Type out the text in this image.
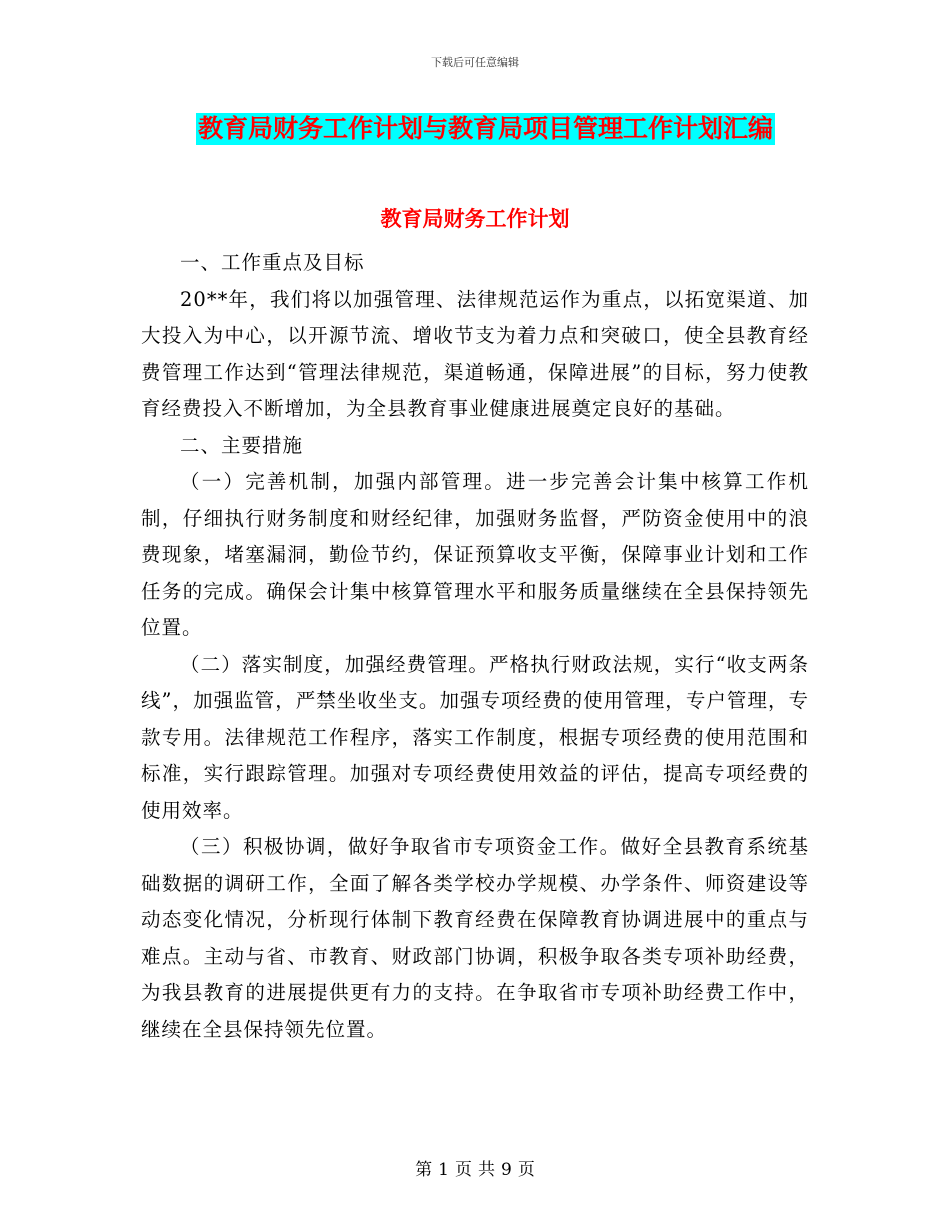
下载后可任意编辑
教育局财务工作计划与教育局项目管理工作计划汇编
教育局财务工作计划

一、工作重点及目标

20**年，我们将以加强管理、法律规范运作为重点，以拓宽渠道、加大投入为中心，以开源节流、增收节支为着力点和突破口，使全县教育经费管理工作达到“管理法律规范，渠道畅通，保障进展”的目标，努力使教育经费投入不断增加，为全县教育事业健康进展奠定良好的基础。

二、主要措施

（一）完善机制，加强内部管理。进一步完善会计集中核算工作机制，仔细执行财务制度和财经纪律，加强财务监督，严防资金使用中的浪费现象，堵塞漏洞，勤俭节约，保证预算收支平衡，保障事业计划和工作任务的完成。确保会计集中核算管理水平和服务质量继续在全县保持领先位置。

（二）落实制度，加强经费管理。严格执行财政法规，实行“收支两条线”，加强监管，严禁坐收坐支。加强专项经费的使用管理，专户管理，专款专用。法律规范工作程序，落实工作制度，根据专项经费的使用范围和标准，实行跟踪管理。加强对专项经费使用效益的评估，提高专项经费的使用效率。

（三）积极协调，做好争取省市专项资金工作。做好全县教育系统基础数据的调研工作，全面了解各类学校办学规模、办学条件、师资建设等动态变化情况，分析现行体制下教育经费在保障教育协调进展中的重点与难点。主动与省、市教育、财政部门协调，积极争取各类专项补助经费，为我县教育的进展提供更有力的支持。在争取省市专项补助经费工作中，继续在全县保持领先位置。

第 1 页 共 9 页
